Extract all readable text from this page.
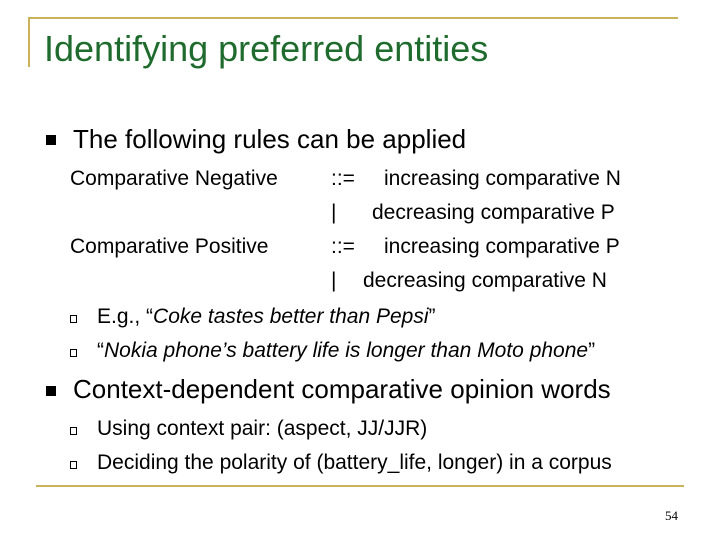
Identifying preferred entities
The following rules can be applied
Comparative Negative	::= increasing comparative N
| decreasing comparative P
Comparative Positive	::= increasing comparative P
| decreasing comparative N
E.g., “Coke tastes better than Pepsi”
“Nokia phone’s battery life is longer than Moto phone”
Context-dependent comparative opinion words
Using context pair: (aspect, JJ/JJR)
Deciding the polarity of (battery_life, longer) in a corpus
54
